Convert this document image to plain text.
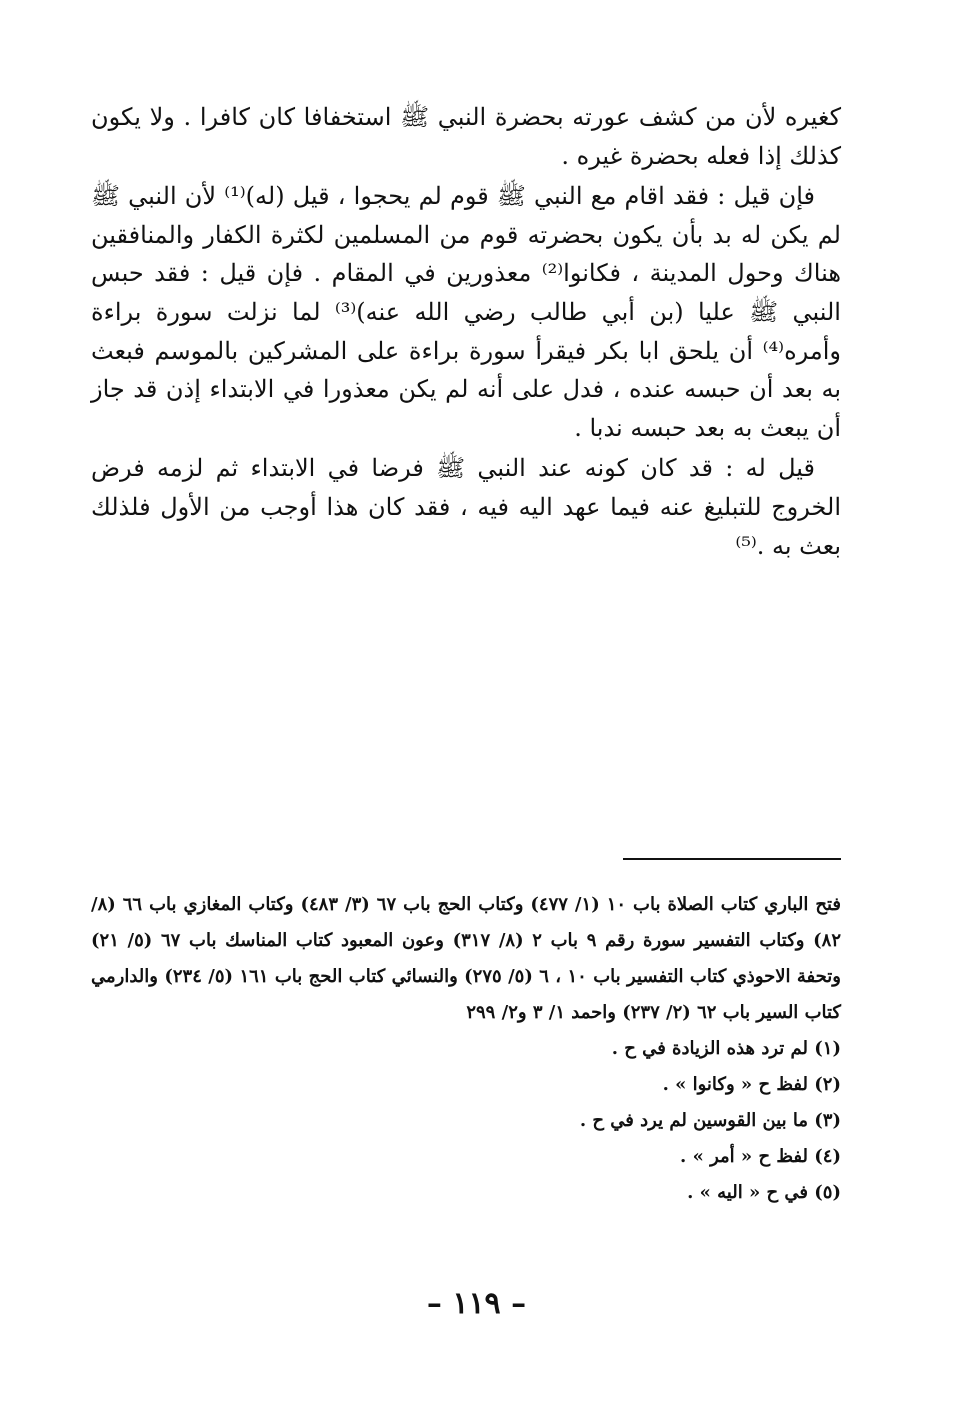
كغيره لأن من كشف عورته بحضرة النبي ﷺ استخفافا كان كافرا . ولا يكون كذلك إذا فعله بحضرة غيره .

فإن قيل : فقد اقام مع النبي ﷺ قوم لم يحجوا ، قيل (له)⁽¹⁾ لأن النبي ﷺ لم يكن له بد بأن يكون بحضرته قوم من المسلمين لكثرة الكفار والمنافقين هناك وحول المدينة ، فكانوا⁽²⁾ معذورين في المقام . فإن قيل : فقد حبس النبي ﷺ عليا (بن أبي طالب رضي الله عنه)⁽³⁾ لما نزلت سورة براءة وأمره⁽⁴⁾ أن يلحق ابا بكر فيقرأ سورة براءة على المشركين بالموسم فبعث به بعد أن حبسه عنده ، فدل على أنه لم يكن معذورا في الابتداء إذن قد جاز أن يبعث به بعد حبسه ندبا .

قيل له : قد كان كونه عند النبي ﷺ فرضا في الابتداء ثم لزمه فرض الخروج للتبليغ عنه فيما عهد اليه فيه ، فقد كان هذا أوجب من الأول فلذلك بعث به .⁽⁵⁾

فتح الباري كتاب الصلاة باب ١٠ (١/ ٤٧٧) وكتاب الحج باب ٦٧ (٣/ ٤٨٣) وكتاب المغازي باب ٦٦ (٨/ ٨٢) وكتاب التفسير سورة رقم ٩ باب ٢ (٨/ ٣١٧) وعون المعبود كتاب المناسك باب ٦٧ (٥/ ٢١) وتحفة الاحوذي كتاب التفسير باب ١٠ ، ٦ (٥/ ٢٧٥) والنسائي كتاب الحج باب ١٦١ (٥/ ٢٣٤) والدارمي كتاب السير باب ٦٢ (٢/ ٢٣٧) واحمد ١/ ٣ و٢/ ٢٩٩

(١) لم ترد هذه الزيادة في ح .

(٢) لفظ ح « وكانوا » .

(٣) ما بين القوسين لم يرد في ح .

(٤) لفظ ح « أمر » .

(٥) في ح « اليه » .

– ١١٩ –
